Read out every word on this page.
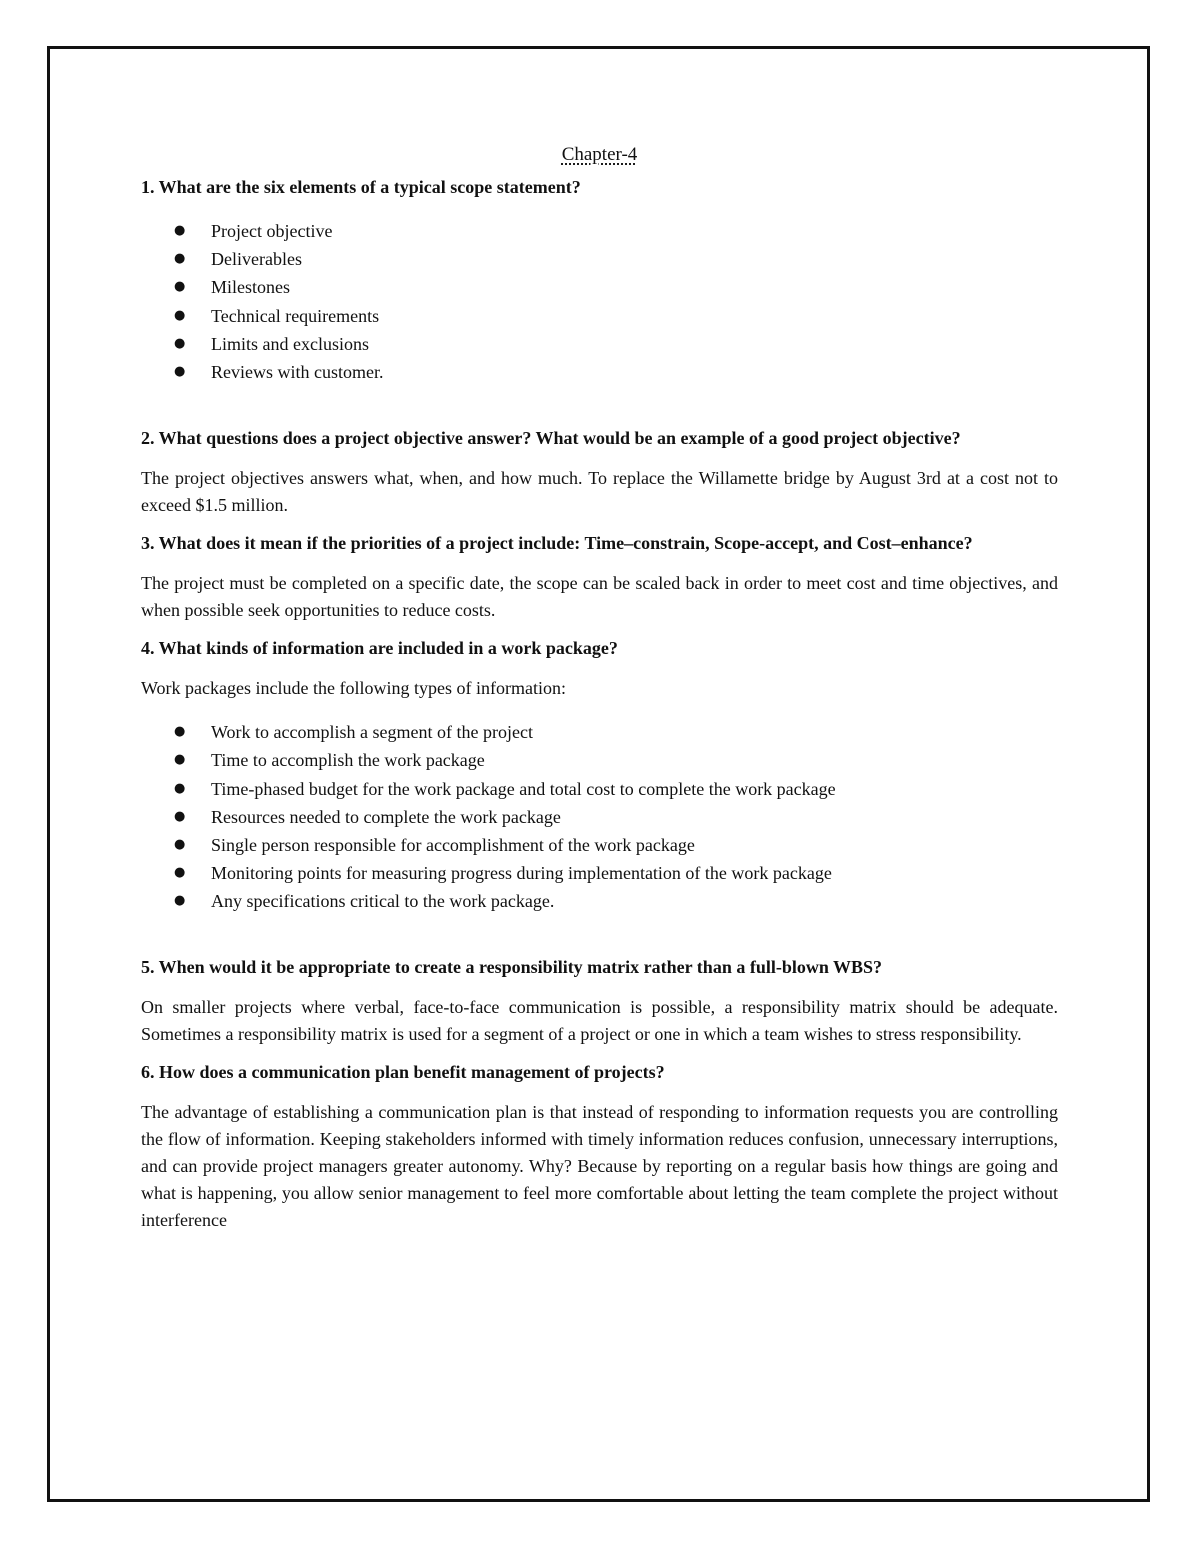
Chapter-4

1. What are the six elements of a typical scope statement?

● Project objective
● Deliverables
● Milestones
● Technical requirements
● Limits and exclusions
● Reviews with customer.

2. What questions does a project objective answer? What would be an example of a good project objective?

The project objectives answers what, when, and how much. To replace the Willamette bridge by August 3rd at a cost not to exceed $1.5 million.

3. What does it mean if the priorities of a project include: Time–constrain, Scope-accept, and Cost–enhance?

The project must be completed on a specific date, the scope can be scaled back in order to meet cost and time objectives, and when possible seek opportunities to reduce costs.

4. What kinds of information are included in a work package?

Work packages include the following types of information:

● Work to accomplish a segment of the project
● Time to accomplish the work package
● Time-phased budget for the work package and total cost to complete the work package
● Resources needed to complete the work package
● Single person responsible for accomplishment of the work package
● Monitoring points for measuring progress during implementation of the work package
● Any specifications critical to the work package.

5. When would it be appropriate to create a responsibility matrix rather than a full-blown WBS?

On smaller projects where verbal, face-to-face communication is possible, a responsibility matrix should be adequate. Sometimes a responsibility matrix is used for a segment of a project or one in which a team wishes to stress responsibility.

6. How does a communication plan benefit management of projects?

The advantage of establishing a communication plan is that instead of responding to information requests you are controlling the flow of information. Keeping stakeholders informed with timely information reduces confusion, unnecessary interruptions, and can provide project managers greater autonomy. Why? Because by reporting on a regular basis how things are going and what is happening, you allow senior management to feel more comfortable about letting the team complete the project without interference
